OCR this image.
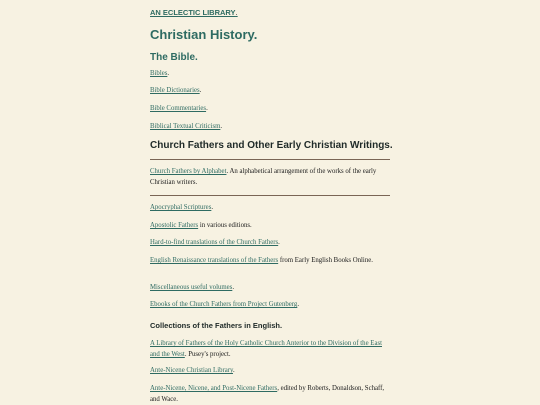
AN ECLECTIC LIBRARY.
Christian History.
The Bible.
Bibles.
Bible Dictionaries.
Bible Commentaries.
Biblical Textual Criticism.
Church Fathers and Other Early Christian Writings.
Church Fathers by Alphabet. An alphabetical arrangement of the works of the early Christian writers.
Apocryphal Scriptures.
Apostolic Fathers in various editions.
Hard-to-find translations of the Church Fathers.
English Renaissance translations of the Fathers from Early English Books Online.
Miscellaneous useful volumes.
Ebooks of the Church Fathers from Project Gutenberg.
Collections of the Fathers in English.
A Library of Fathers of the Holy Catholic Church Anterior to the Division of the East and the West. Pusey's project.
Ante-Nicene Christian Library.
Ante-Nicene, Nicene, and Post-Nicene Fathers, edited by Roberts, Donaldson, Schaff, and Wace.
